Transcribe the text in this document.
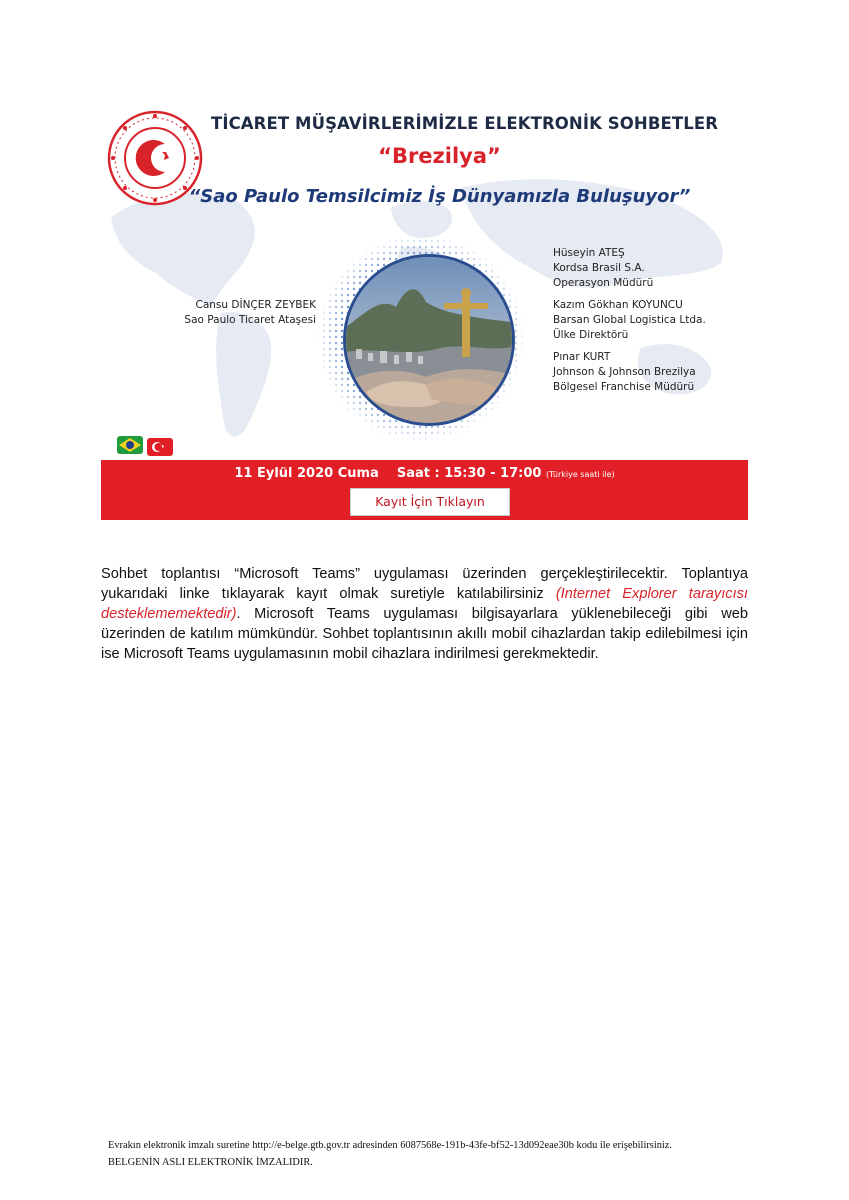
TİCARET MÜŞAVİRLERİMİZLE ELEKTRONİK SOHBETLER
“Brezilya”
“Sao Paulo Temsilcimiz İş Dünyamızla Buluşuyor”
Cansu DİNÇER ZEYBEK
Sao Paulo Ticaret Ataşesi
Hüseyin ATEŞ
Kordsa Brasil S.A.
Operasyon Müdürü
Kazım Gökhan KOYUNCU
Barsan Global Logistica Ltda.
Ülke Direktörü
Pınar KURT
Johnson & Johnson Brezilya
Bölgesel Franchise Müdürü
11 Eylül 2020 Cuma Saat : 15:30 - 17:00 (Türkiye saati ile)
Kayıt İçin Tıklayın
Sohbet toplantısı “Microsoft Teams” uygulaması üzerinden gerçekleştirilecektir. Toplantıya yukarıdaki linke tıklayarak kayıt olmak suretiyle katılabilirsiniz (Internet Explorer tarayıcısı desteklememektedir). Microsoft Teams uygulaması bilgisayarlara yüklenebileceği gibi web üzerinden de katılım mümkündür. Sohbet toplantısının akıllı mobil cihazlardan takip edilebilmesi için ise Microsoft Teams uygulamasının mobil cihazlara indirilmesi gerekmektedir.
Evrakın elektronik imzalı suretine http://e-belge.gtb.gov.tr adresinden 6087568e-191b-43fe-bf52-13d092eae30b kodu ile erişebilirsiniz.
BELGENİN ASLI ELEKTRONİK İMZALIDIR.
